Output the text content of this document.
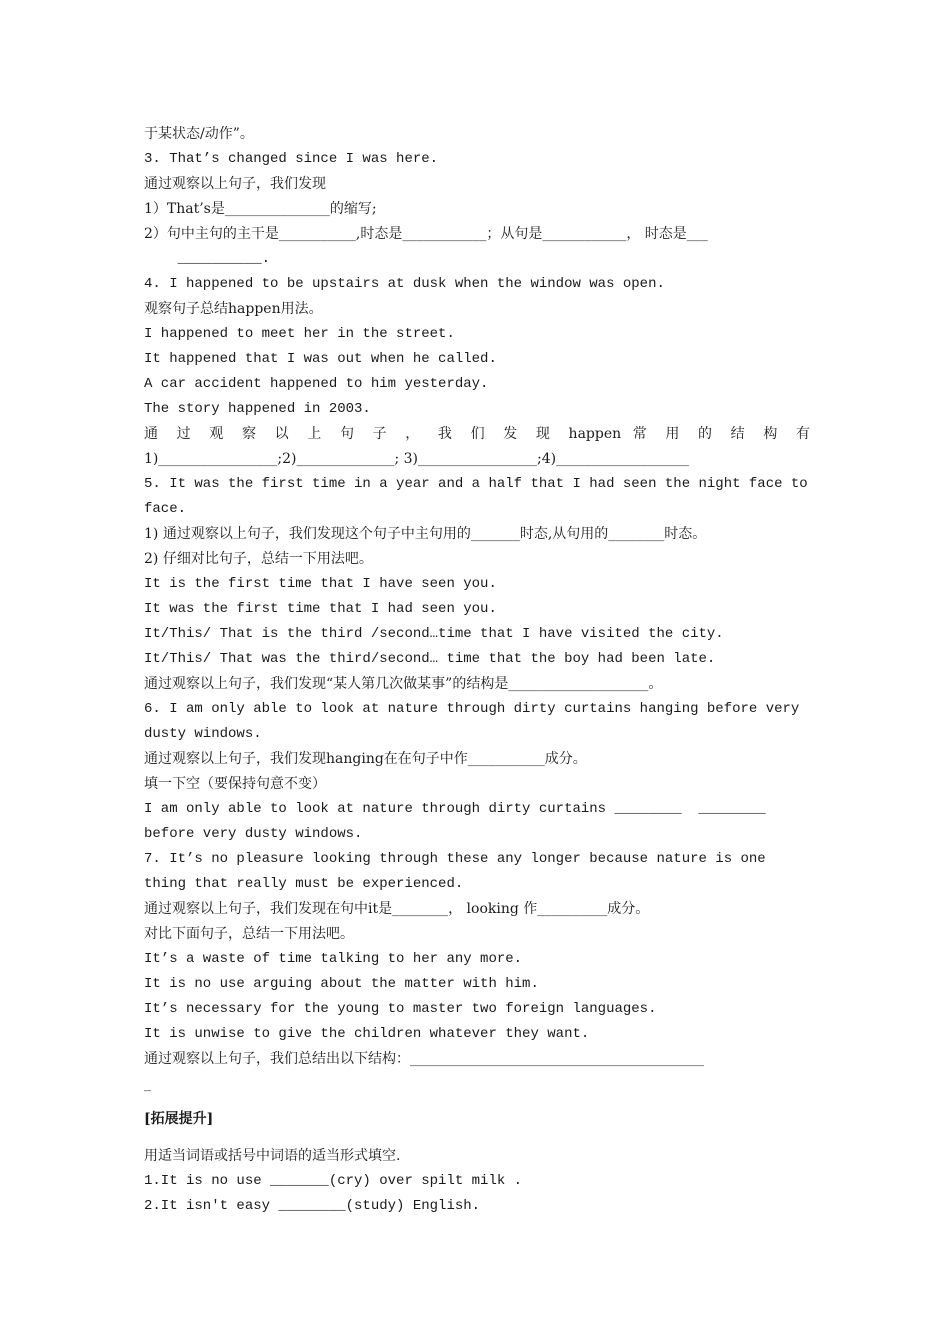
于某状态/动作”。
3. That’s changed since I was here.
通过观察以上句子，我们发现
1）That’s是_______________的缩写;
2）句中主句的主干是___________,时态是____________；从句是____________， 时态是___
__________.
4. I happened to be upstairs at dusk when the window was open.
观察句子总结happen用法。
I happened to meet her in the street.
It happened that I was out when he called.
A car accident happened to him yesterday.
The story happened in 2003.
通 过 观 察 以 上 句 子 ， 我 们 发 现 happen 常 用 的 结 构 有
1)_________________;2)______________; 3)_________________;4)___________________
5. It was the first time in a year and a half that I had seen the night face to
face.
1) 通过观察以上句子，我们发现这个句子中主句用的_______时态,从句用的________时态。
2) 仔细对比句子，总结一下用法吧。
It is the first time that I have seen you.
It was the first time that I had seen you.
It/This/ That is the third /second…time that I have visited the city.
It/This/ That was the third/second… time that the boy had been late.
通过观察以上句子，我们发现“某人第几次做某事”的结构是____________________。
6. I am only able to look at nature through dirty curtains hanging before very
dusty windows.
通过观察以上句子，我们发现hanging在在句子中作___________成分。
填一下空（要保持句意不变）
I am only able to look at nature through dirty curtains ________  ________
before very dusty windows.
7. It’s no pleasure looking through these any longer because nature is one
thing that really must be experienced.
通过观察以上句子，我们发现在句中it是________， looking 作__________成分。
对比下面句子，总结一下用法吧。
It’s a waste of time talking to her any more.
It is no use arguing about the matter with him.
It’s necessary for the young to master two foreign languages.
It is unwise to give the children whatever they want.
通过观察以上句子，我们总结出以下结构：__________________________________________
_
[拓展提升]
用适当词语或括号中词语的适当形式填空.
1.It is no use _______(cry) over spilt milk .
2.It isn't easy ________(study) English.
